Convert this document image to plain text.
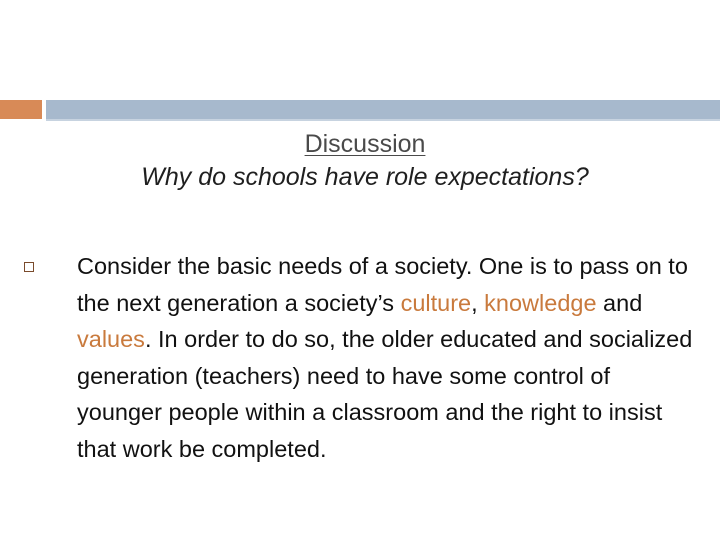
Discussion
Why do schools have role expectations?

Consider the basic needs of a society. One is to pass on to the next generation a society’s culture, knowledge and values. In order to do so, the older educated and socialized generation (teachers) need to have some control of younger people within a classroom and the right to insist that work be completed.
